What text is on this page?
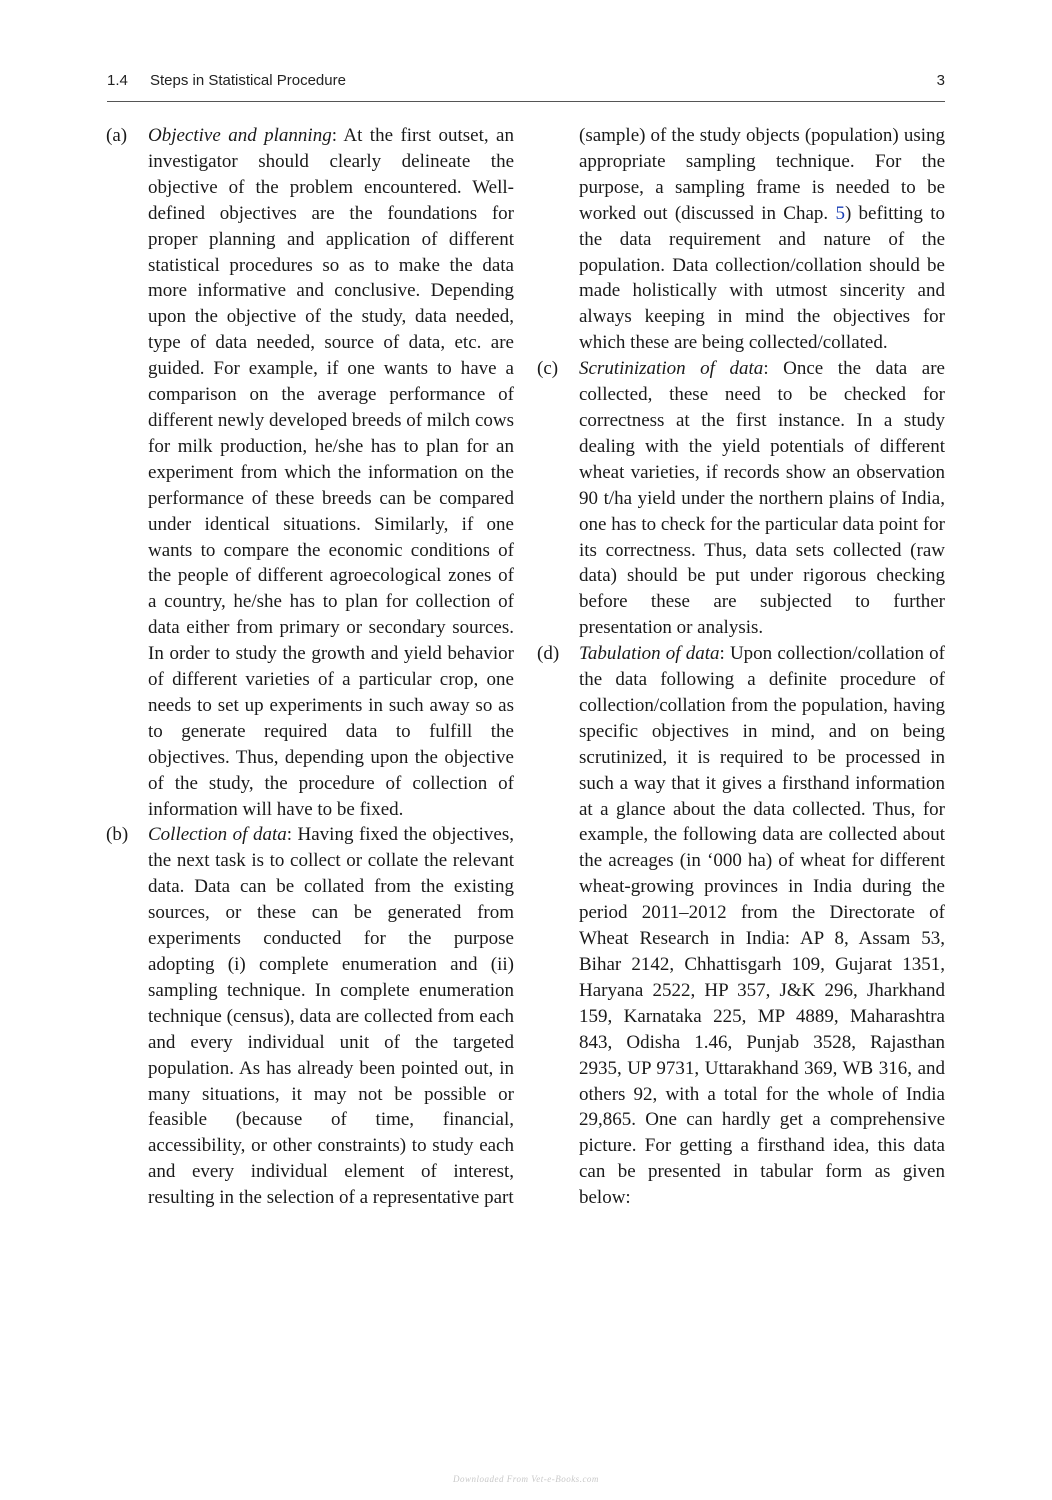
1.4 Steps in Statistical Procedure	3
(a) Objective and planning: At the first outset, an investigator should clearly delineate the objective of the problem encountered. Well-defined objectives are the foundations for proper planning and application of different statistical procedures so as to make the data more informative and conclusive. Depending upon the objective of the study, data needed, type of data needed, source of data, etc. are guided. For example, if one wants to have a comparison on the average performance of different newly developed breeds of milch cows for milk production, he/she has to plan for an experiment from which the information on the performance of these breeds can be compared under identical situations. Similarly, if one wants to compare the economic conditions of the people of different agroecological zones of a country, he/she has to plan for collection of data either from primary or secondary sources. In order to study the growth and yield behavior of different varieties of a particular crop, one needs to set up experiments in such away so as to generate required data to fulfill the objectives. Thus, depending upon the objective of the study, the procedure of collection of information will have to be fixed.

(b) Collection of data: Having fixed the objectives, the next task is to collect or collate the relevant data. Data can be collated from the existing sources, or these can be generated from experiments conducted for the purpose adopting (i) complete enumeration and (ii) sampling technique. In complete enumeration technique (census), data are collected from each and every individual unit of the targeted population. As has already been pointed out, in many situations, it may not be possible or feasible (because of time, financial, accessibility, or other constraints) to study each and every individual element of interest, resulting in the selection of a representative part

(sample) of the study objects (population) using appropriate sampling technique. For the purpose, a sampling frame is needed to be worked out (discussed in Chap. 5) befitting to the data requirement and nature of the population. Data collection/collation should be made holistically with utmost sincerity and always keeping in mind the objectives for which these are being collected/collated.

(c) Scrutinization of data: Once the data are collected, these need to be checked for correctness at the first instance. In a study dealing with the yield potentials of different wheat varieties, if records show an observation 90 t/ha yield under the northern plains of India, one has to check for the particular data point for its correctness. Thus, data sets collected (raw data) should be put under rigorous checking before these are subjected to further presentation or analysis.

(d) Tabulation of data: Upon collection/collation of the data following a definite procedure of collection/collation from the population, having specific objectives in mind, and on being scrutinized, it is required to be processed in such a way that it gives a firsthand information at a glance about the data collected. Thus, for example, the following data are collected about the acreages (in ‘000 ha) of wheat for different wheat-growing provinces in India during the period 2011–2012 from the Directorate of Wheat Research in India: AP 8, Assam 53, Bihar 2142, Chhattisgarh 109, Gujarat 1351, Haryana 2522, HP 357, J&K 296, Jharkhand 159, Karnataka 225, MP 4889, Maharashtra 843, Odisha 1.46, Punjab 3528, Rajasthan 2935, UP 9731, Uttarakhand 369, WB 316, and others 92, with a total for the whole of India 29,865. One can hardly get a comprehensive picture. For getting a firsthand idea, this data can be presented in tabular form as given below:

Downloaded From Vet-e-Books.com
